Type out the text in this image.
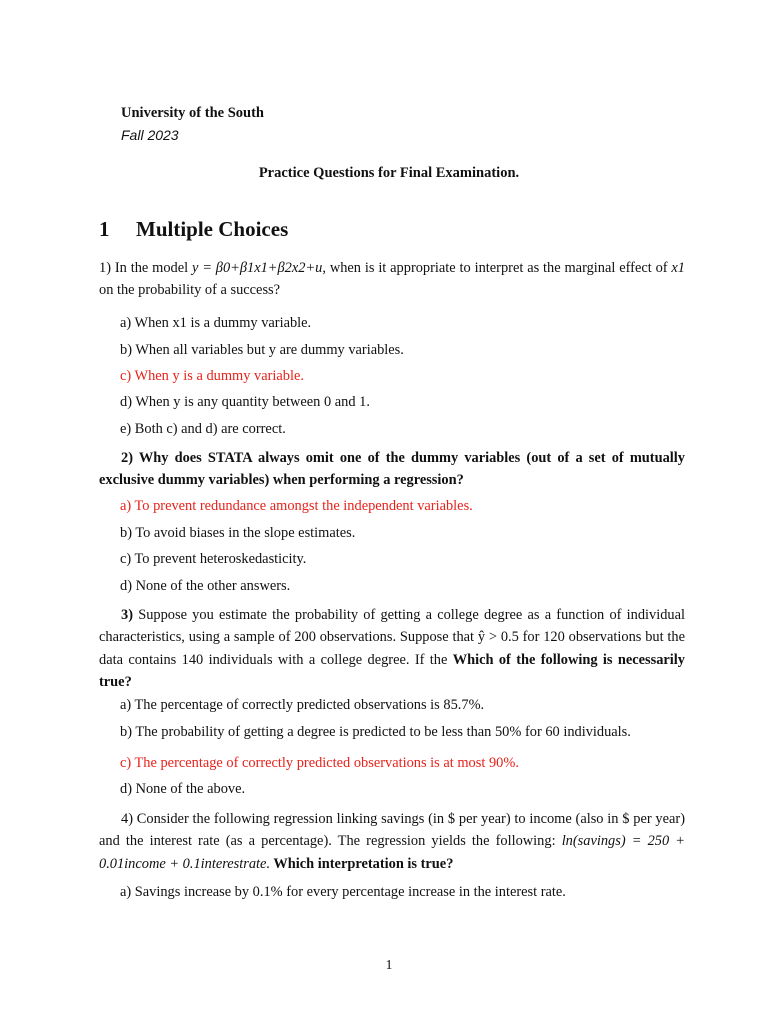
University of the South
Fall 2023
Practice Questions for Final Examination.
1 Multiple Choices
1) In the model y = β0+β1x1+β2x2+u, when is it appropriate to interpret as the marginal effect of x1 on the probability of a success?
a) When x1 is a dummy variable.
b) When all variables but y are dummy variables.
c) When y is a dummy variable.
d) When y is any quantity between 0 and 1.
e) Both c) and d) are correct.
2) Why does STATA always omit one of the dummy variables (out of a set of mutually exclusive dummy variables) when performing a regression?
a) To prevent redundance amongst the independent variables.
b) To avoid biases in the slope estimates.
c) To prevent heteroskedasticity.
d) None of the other answers.
3) Suppose you estimate the probability of getting a college degree as a function of individual characteristics, using a sample of 200 observations. Suppose that ŷ > 0.5 for 120 observations but the data contains 140 individuals with a college degree. If the Which of the following is necessarily true?
a) The percentage of correctly predicted observations is 85.7%.
b) The probability of getting a degree is predicted to be less than 50% for 60 individuals.
c) The percentage of correctly predicted observations is at most 90%.
d) None of the above.
4) Consider the following regression linking savings (in $ per year) to income (also in $ per year) and the interest rate (as a percentage). The regression yields the following: ln(savings) = 250 + 0.01income + 0.1interestrate. Which interpretation is true?
a) Savings increase by 0.1% for every percentage increase in the interest rate.
1
